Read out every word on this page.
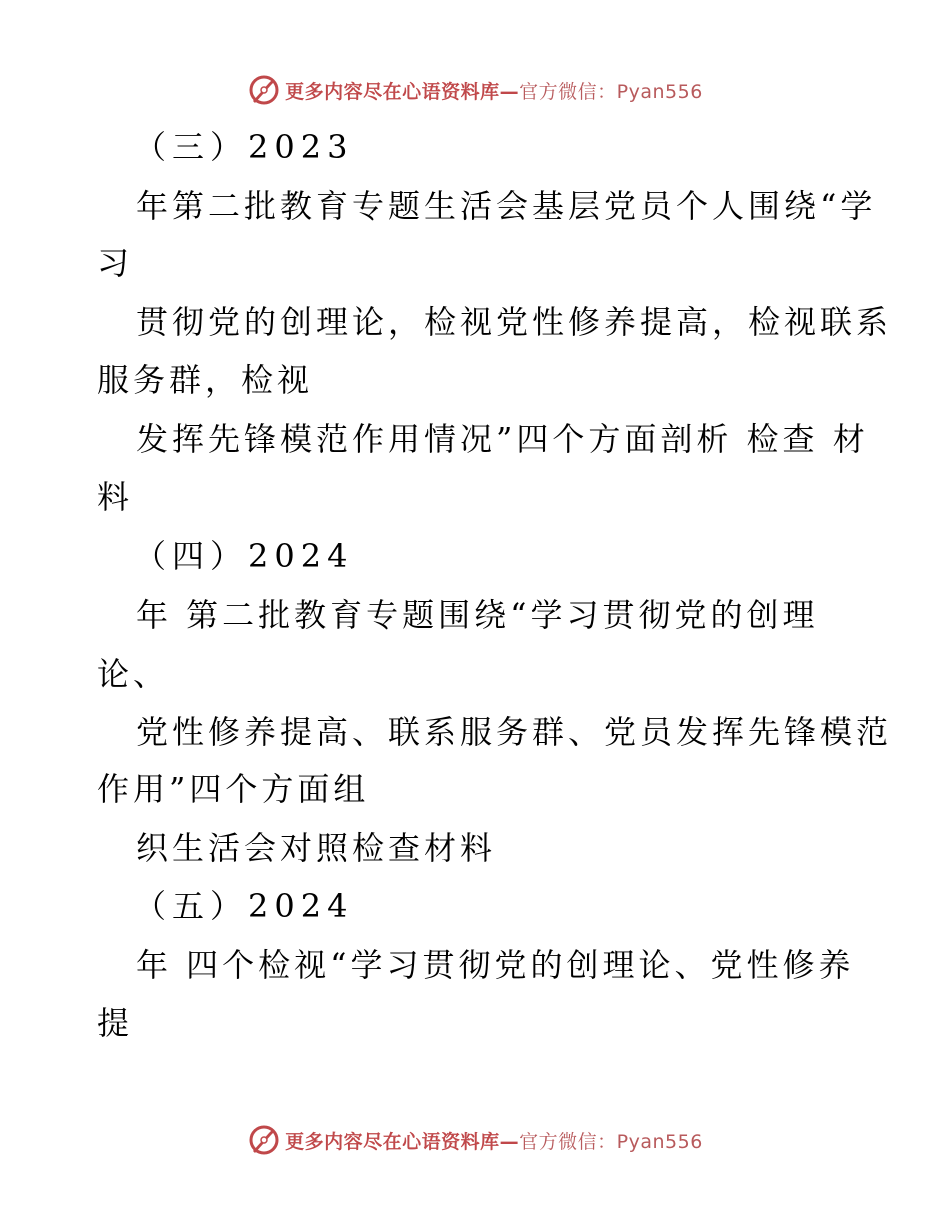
更多内容尽在心语资料库—官方微信：Pyan556
（三）2023
年第二批教育专题生活会基层党员个人围绕“学
习
贯彻党的创理论，检视党性修养提高，检视联系
服务群，检视
发挥先锋模范作用情况”四个方面剖析 检查 材
料
（四）2024
年 第二批教育专题围绕“学习贯彻党的创理
论、
党性修养提高、联系服务群、党员发挥先锋模范
作用”四个方面组
织生活会对照检查材料
（五）2024
年 四个检视“学习贯彻党的创理论、党性修养
提
更多内容尽在心语资料库—官方微信：Pyan556
